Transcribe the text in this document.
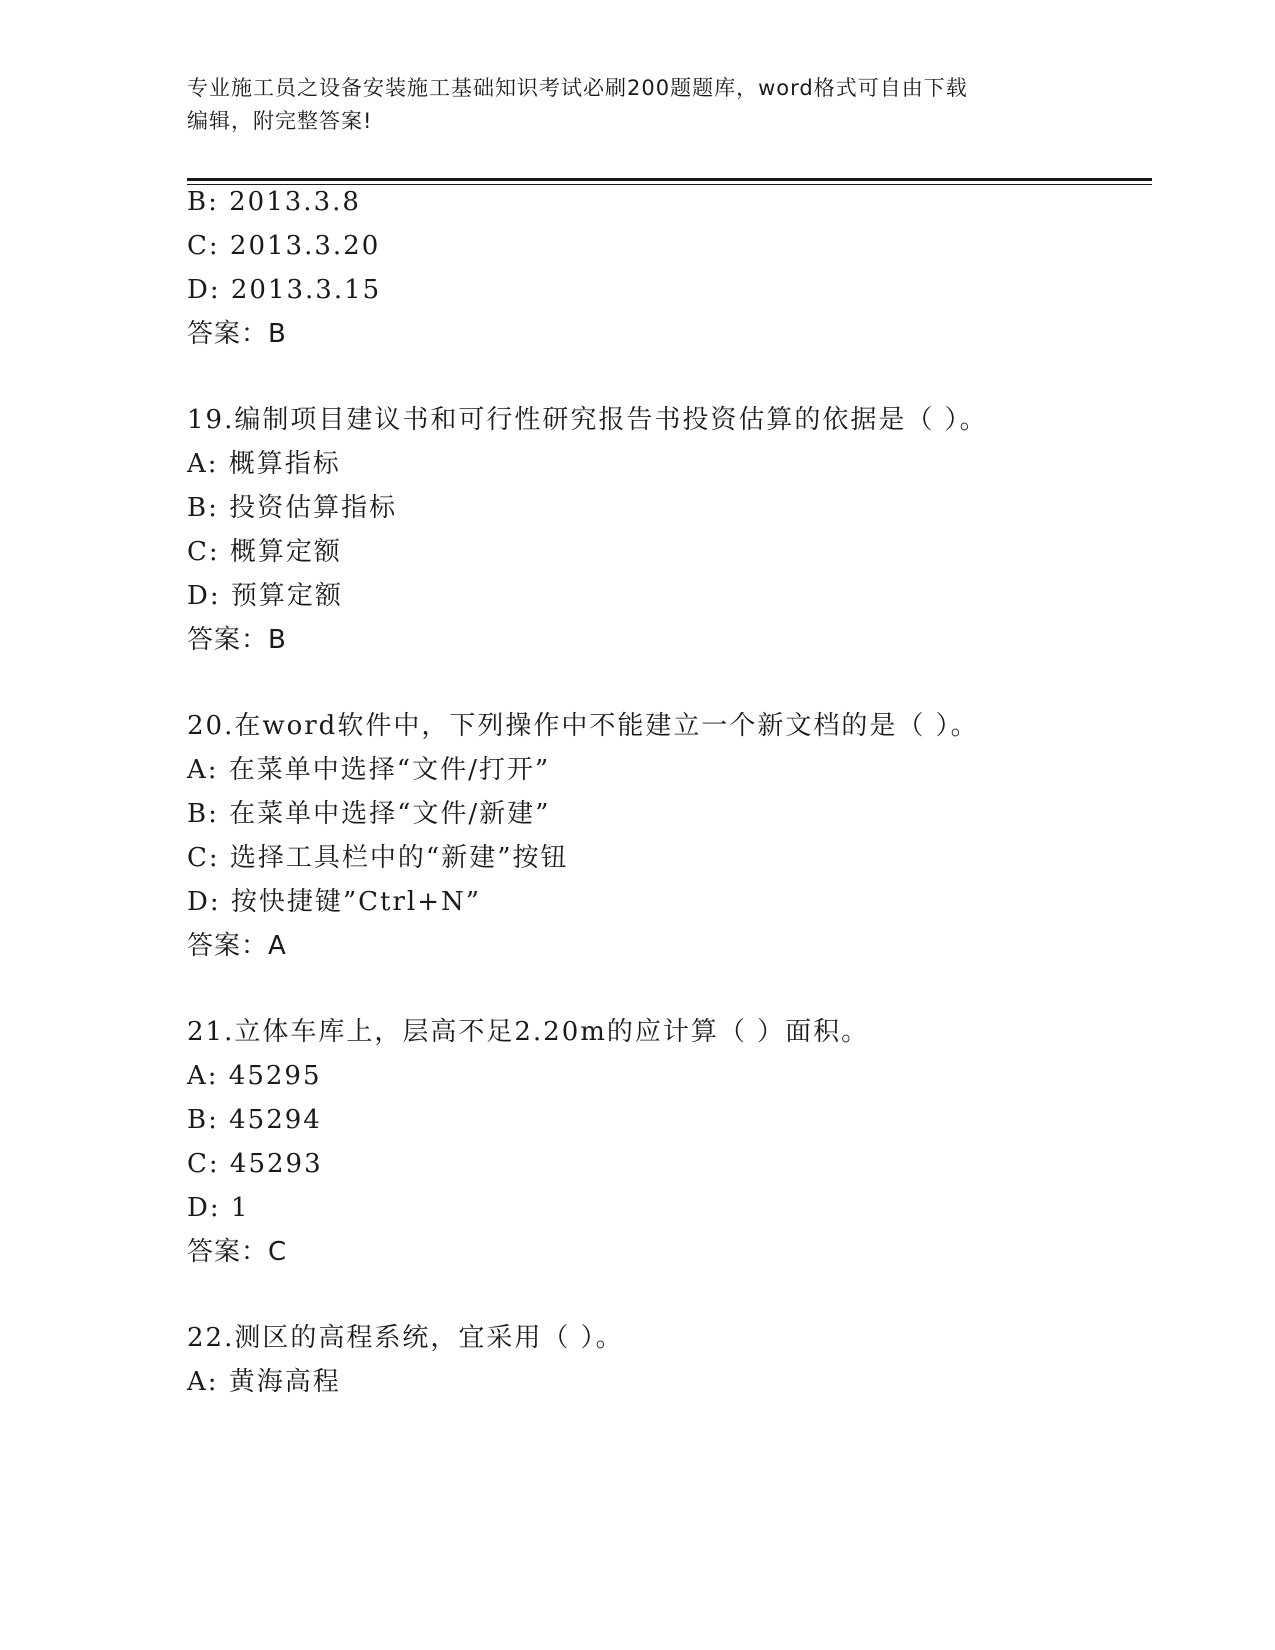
专业施工员之设备安装施工基础知识考试必刷200题题库，word格式可自由下载
编辑，附完整答案!
B: 2013.3.8
C: 2013.3.20
D: 2013.3.15
答案：B
19.编制项目建议书和可行性研究报告书投资估算的依据是（ ）。
A: 概算指标
B: 投资估算指标
C: 概算定额
D: 预算定额
答案：B
20.在word软件中，下列操作中不能建立一个新文档的是（ ）。
A: 在菜单中选择“文件/打开”
B: 在菜单中选择“文件/新建”
C: 选择工具栏中的“新建”按钮
D: 按快捷键”Ctrl+N”
答案：A
21.立体车库上，层高不足2.20m的应计算（ ）面积。
A: 45295
B: 45294
C: 45293
D: 1
答案：C
22.测区的高程系统，宜采用（ ）。
A: 黄海高程
